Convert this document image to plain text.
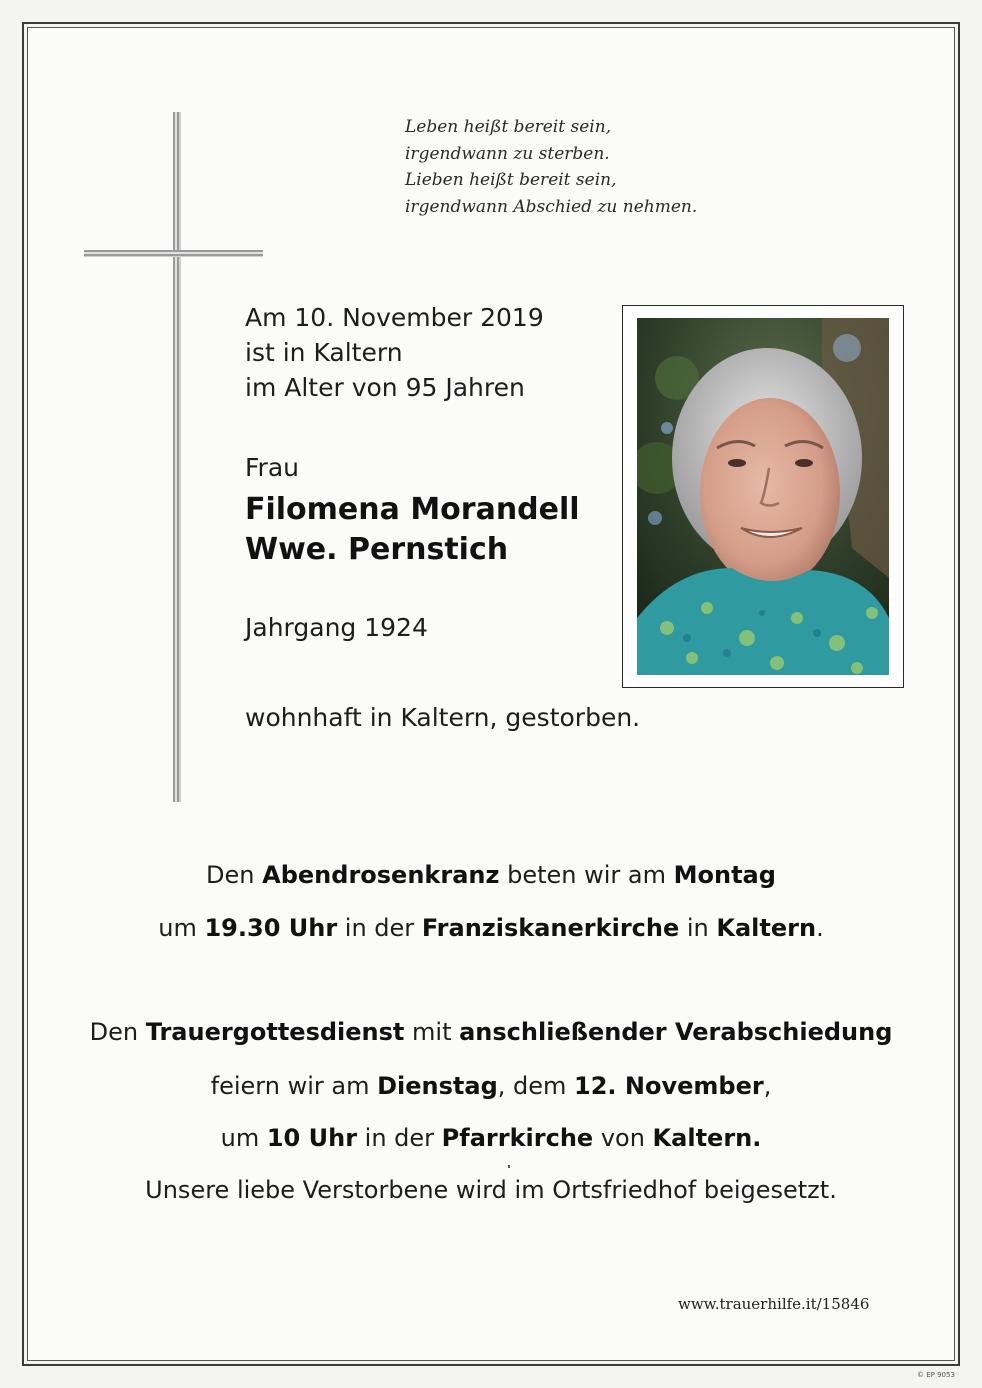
Leben heißt bereit sein,
irgendwann zu sterben.
Lieben heißt bereit sein,
irgendwann Abschied zu nehmen.
Am 10. November 2019
ist in Kaltern
im Alter von 95 Jahren
Frau
Filomena Morandell
Wwe. Pernstich
Jahrgang 1924
wohnhaft in Kaltern, gestorben.
Den Abendrosenkranz beten wir am Montag
um 19.30 Uhr in der Franziskanerkirche in Kaltern.
Den Trauergottesdienst mit anschließender Verabschiedung
feiern wir am Dienstag, dem 12. November,
um 10 Uhr in der Pfarrkirche von Kaltern.
Unsere liebe Verstorbene wird im Ortsfriedhof beigesetzt.
www.trauerhilfe.it/15846
© EP 9053
